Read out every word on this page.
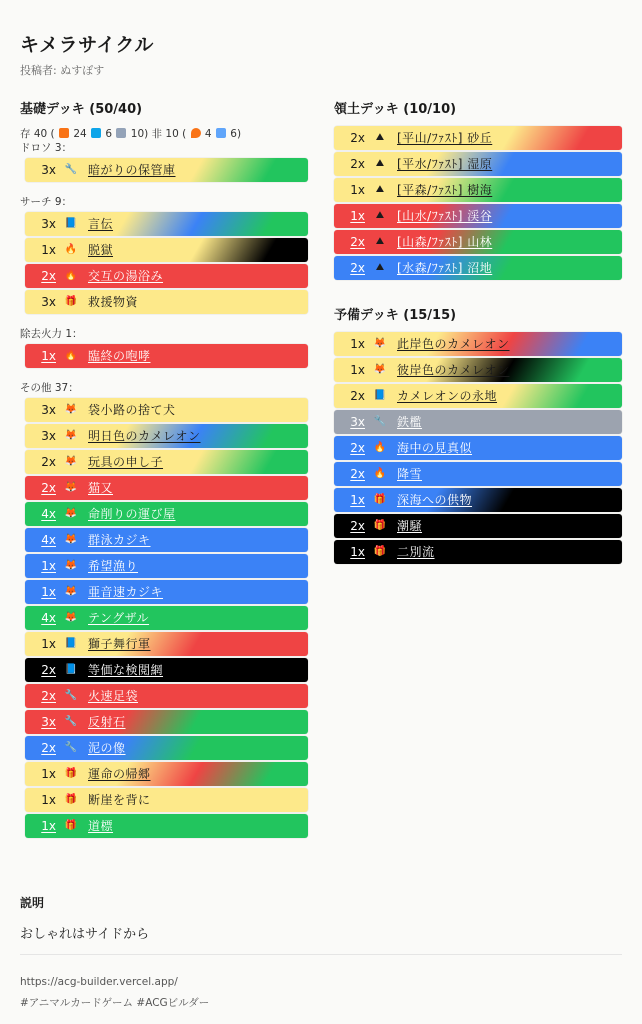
キメラサイクル
投稿者: ぬすぽす
基礎デッキ (50/40)
存 40 ( 24 6 10) 非 10 ( 4 6)
ドロソ 3：
3x 🔧 暗がりの保管庫
サーチ 9：
3x 📘 言伝
1x 🔥 脱獄
2x 🔥 交互の湯浴み
3x 🎁 救援物資
除去火力 1：
1x 🔥 臨終の咆哮
その他 37：
3x 🦊 袋小路の捨て犬
3x 🦊 明日色のカメレオン
2x 🦊 玩具の申し子
2x 🦊 猫又
4x 🦊 命削りの運び屋
4x 🦊 群泳カジキ
1x 🦊 希望漁り
1x 🦊 亜音速カジキ
4x 🦊 テングザル
1x 📘 獅子舞行軍
2x 📘 等価な検閲網
2x 🔧 火速足袋
3x 🔧 反射石
2x 🔧 泥の像
1x 🎁 運命の帰郷
1x 🎁 断崖を背に
1x 🎁 道標
領土デッキ (10/10)
2x ⛰ [平山/ﾌｧｽﾄ] 砂丘
2x ⛰ [平水/ﾌｧｽﾄ] 湿原
1x ⛰ [平森/ﾌｧｽﾄ] 樹海
1x ⛰ [山水/ﾌｧｽﾄ] 渓谷
2x ⛰ [山森/ﾌｧｽﾄ] 山林
2x ⛰ [水森/ﾌｧｽﾄ] 沼地
予備デッキ (15/15)
1x 🦊 此岸色のカメレオン
1x 🦊 彼岸色のカメレオン
2x 📘 カメレオンの永地
3x 🔧 鉄檻
2x 🔥 海中の見真似
2x 🔥 降雪
1x 🎁 深海への供物
2x 🎁 潮騒
1x 🎁 二別流
説明
おしゃれはサイドから
https://acg-builder.vercel.app/
#アニマルカードゲーム #ACGビルダー
